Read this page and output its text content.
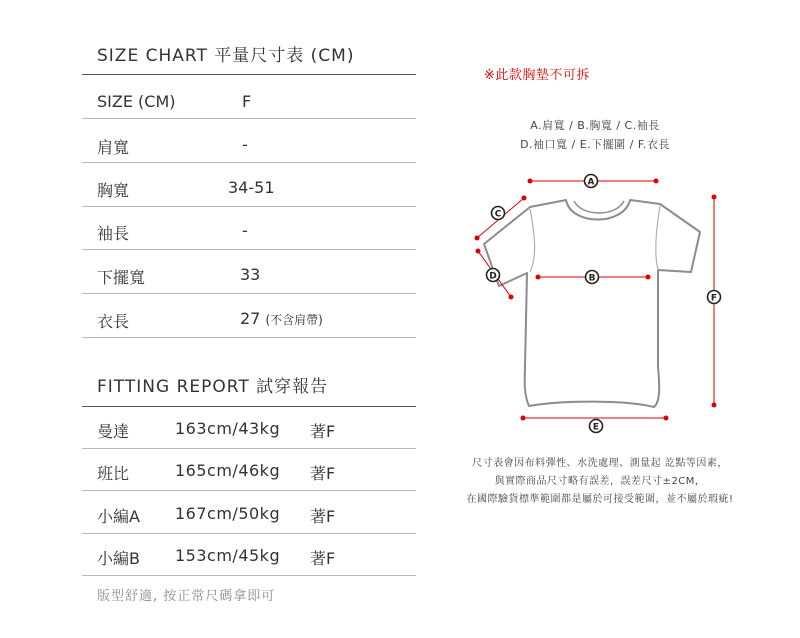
SIZE CHART 平量尺寸表 (CM)
SIZE (CM)	F
肩寬	-
胸寬	34-51
袖長	-
下擺寬	33
衣長	27 (不含肩帶)
FITTING REPORT 試穿報告
曼達	163cm/43kg 著F
班比	165cm/46kg 著F
小編A 167cm/50kg 著F
小編B 153cm/45kg 著F
版型舒適, 按正常尺碼拿即可
※此款胸墊不可拆
A.肩寬 / B.胸寬 / C.袖長
D.袖口寬 / E.下擺圍 / F.衣長
A
B
C
D
E
F
尺寸表會因布料彈性、水洗處理、測量起 訖點等因素，
與實際商品尺寸略有誤差，誤差尺寸±2CM，
在國際驗貨標準範圍都是屬於可接受範圍，並不屬於瑕疵!
